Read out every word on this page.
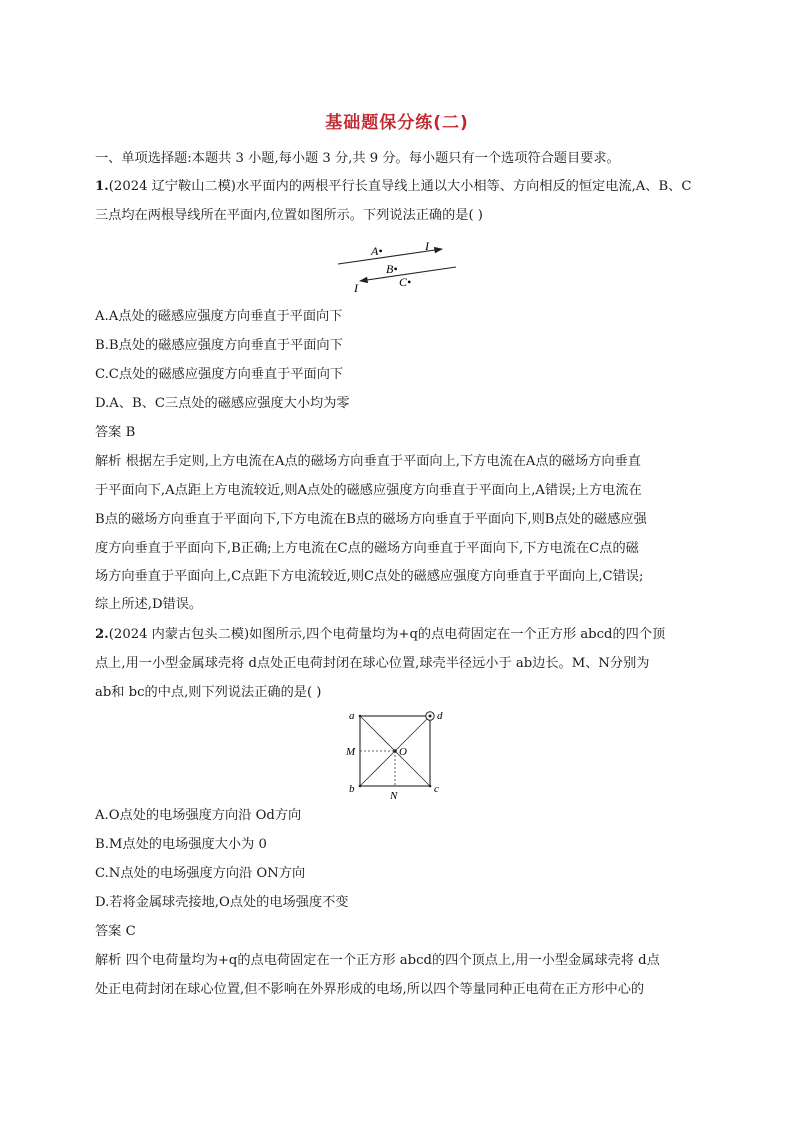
基础题保分练(二)
一、单项选择题:本题共 3 小题,每小题 3 分,共 9 分。每小题只有一个选项符合题目要求。
1.(2024 辽宁鞍山二模)水平面内的两根平行长直导线上通以大小相等、方向相反的恒定电流,A、B、C
三点均在两根导线所在平面内,位置如图所示。下列说法正确的是( )
A•	I
B•
C•
I
A.A点处的磁感应强度方向垂直于平面向下
B.B点处的磁感应强度方向垂直于平面向下
C.C点处的磁感应强度方向垂直于平面向下
D.A、B、C三点处的磁感应强度大小均为零
答案 B
解析 根据左手定则,上方电流在A点的磁场方向垂直于平面向上,下方电流在A点的磁场方向垂直
于平面向下,A点距上方电流较近,则A点处的磁感应强度方向垂直于平面向上,A错误;上方电流在
B点的磁场方向垂直于平面向下,下方电流在B点的磁场方向垂直于平面向下,则B点处的磁感应强
度方向垂直于平面向下,B正确;上方电流在C点的磁场方向垂直于平面向下,下方电流在C点的磁
场方向垂直于平面向上,C点距下方电流较近,则C点处的磁感应强度方向垂直于平面向上,C错误;
综上所述,D错误。
2.(2024 内蒙古包头二模)如图所示,四个电荷量均为+q的点电荷固定在一个正方形 abcd的四个顶
点上,用一小型金属球壳将 d点处正电荷封闭在球心位置,球壳半径远小于 ab边长。M、N分别为
ab和 bc的中点,则下列说法正确的是( )
a	d
M	O
b
N
c
A.O点处的电场强度方向沿 Od方向
B.M点处的电场强度大小为 0
C.N点处的电场强度方向沿 ON方向
D.若将金属球壳接地,O点处的电场强度不变
答案 C
解析 四个电荷量均为+q的点电荷固定在一个正方形 abcd的四个顶点上,用一小型金属球壳将 d点
处正电荷封闭在球心位置,但不影响在外界形成的电场,所以四个等量同种正电荷在正方形中心的
